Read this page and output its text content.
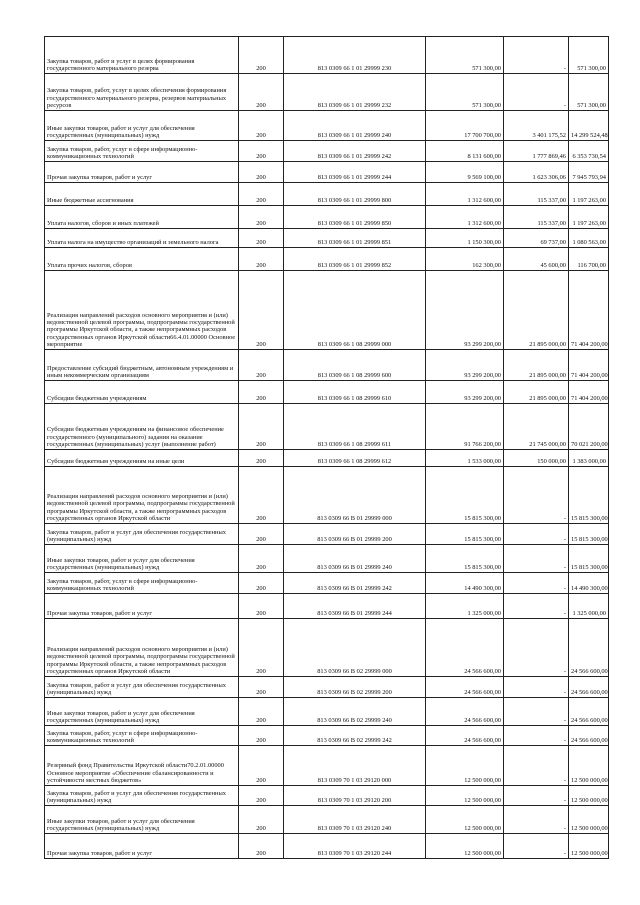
Закупка товаров, работ и услуг в целях формирования государственного материального резерва	200	813 0309 66 1 01 29999 230	571 300,00	-	571 300,00
Закупка товаров, работ, услуг в целях обеспечения формирования государственного материального резерва, резервов материальных ресурсов	200	813 0309 66 1 01 29999 232	571 300,00	-	571 300,00
Иные закупки товаров, работ и услуг для обеспечения государственных (муниципальных) нужд	200	813 0309 66 1 01 29999 240	17 700 700,00	3 401 175,52	14 299 524,48
Закупка товаров, работ, услуг в сфере информационно-коммуникационных технологий	200	813 0309 66 1 01 29999 242	8 131 600,00	1 777 869,46	6 353 730,54
Прочая закупка товаров, работ и услуг	200	813 0309 66 1 01 29999 244	9 569 100,00	1 623 306,06	7 945 793,94
Иные бюджетные ассигнования	200	813 0309 66 1 01 29999 800	1 312 600,00	115 337,00	1 197 263,00
Уплата налогов, сборов и иных платежей	200	813 0309 66 1 01 29999 850	1 312 600,00	115 337,00	1 197 263,00
Уплата налога на имущество организаций и земельного налога	200	813 0309 66 1 01 29999 851	1 150 300,00	69 737,00	1 080 563,00
Уплата прочих налогов, сборов	200	813 0309 66 1 01 29999 852	162 300,00	45 600,00	116 700,00
Реализация направлений расходов основного мероприятия и (или) ведомственной целевой программы, подпрограммы государственной программы Иркутской области, а также непрограммных расходов государственных органов Иркутской области66.4.01.00000 Основное мероприятие	200	813 0309 66 1 08 29999 000	93 299 200,00	21 895 000,00	71 404 200,00
Предоставление субсидий бюджетным, автономным учреждениям и иным некоммерческим организациям	200	813 0309 66 1 08 29999 600	93 299 200,00	21 895 000,00	71 404 200,00
Субсидии бюджетным учреждениям	200	813 0309 66 1 08 29999 610	93 299 200,00	21 895 000,00	71 404 200,00
Субсидии бюджетным учреждениям на финансовое обеспечение государственного (муниципального) задания на оказание государственных (муниципальных) услуг (выполнение работ)	200	813 0309 66 1 08 29999 611	91 766 200,00	21 745 000,00	70 021 200,00
Субсидии бюджетным учреждениям на иные цели	200	813 0309 66 1 08 29999 612	1 533 000,00	150 000,00	1 383 000,00
Реализация направлений расходов основного мероприятия и (или) ведомственной целевой программы, подпрограммы государственной программы Иркутской области, а также непрограммных расходов государственных органов Иркутской области	200	813 0309 66 В 01 29999 000	15 815 300,00	-	15 815 300,00
Закупка товаров, работ и услуг для обеспечения государственных (муниципальных) нужд	200	813 0309 66 В 01 29999 200	15 815 300,00	-	15 815 300,00
Иные закупки товаров, работ и услуг для обеспечения государственных (муниципальных) нужд	200	813 0309 66 В 01 29999 240	15 815 300,00	-	15 815 300,00
Закупка товаров, работ, услуг в сфере информационно-коммуникационных технологий	200	813 0309 66 В 01 29999 242	14 490 300,00	-	14 490 300,00
Прочая закупка товаров, работ и услуг	200	813 0309 66 В 01 29999 244	1 325 000,00	-	1 325 000,00
Реализация направлений расходов основного мероприятия и (или) ведомственной целевой программы, подпрограммы государственной программы Иркутской области, а также непрограммных расходов государственных органов Иркутской области	200	813 0309 66 В 02 29999 000	24 566 600,00	-	24 566 600,00
Закупка товаров, работ и услуг для обеспечения государственных (муниципальных) нужд	200	813 0309 66 В 02 29999 200	24 566 600,00	-	24 566 600,00
Иные закупки товаров, работ и услуг для обеспечения государственных (муниципальных) нужд	200	813 0309 66 В 02 29999 240	24 566 600,00	-	24 566 600,00
Закупка товаров, работ, услуг в сфере информационно-коммуникационных технологий	200	813 0309 66 В 02 29999 242	24 566 600,00	-	24 566 600,00
Резервный фонд Правительства Иркутской области70.2.01.00000 Основное мероприятие «Обеспечение сбалансированности и устойчивости местных бюджетов»	200	813 0309 70 1 03 29120 000	12 500 000,00	-	12 500 000,00
Закупка товаров, работ и услуг для обеспечения государственных (муниципальных) нужд	200	813 0309 70 1 03 29120 200	12 500 000,00	-	12 500 000,00
Иные закупки товаров, работ и услуг для обеспечения государственных (муниципальных) нужд	200	813 0309 70 1 03 29120 240	12 500 000,00	-	12 500 000,00
Прочая закупка товаров, работ и услуг	200	813 0309 70 1 03 29120 244	12 500 000,00	-	12 500 000,00
